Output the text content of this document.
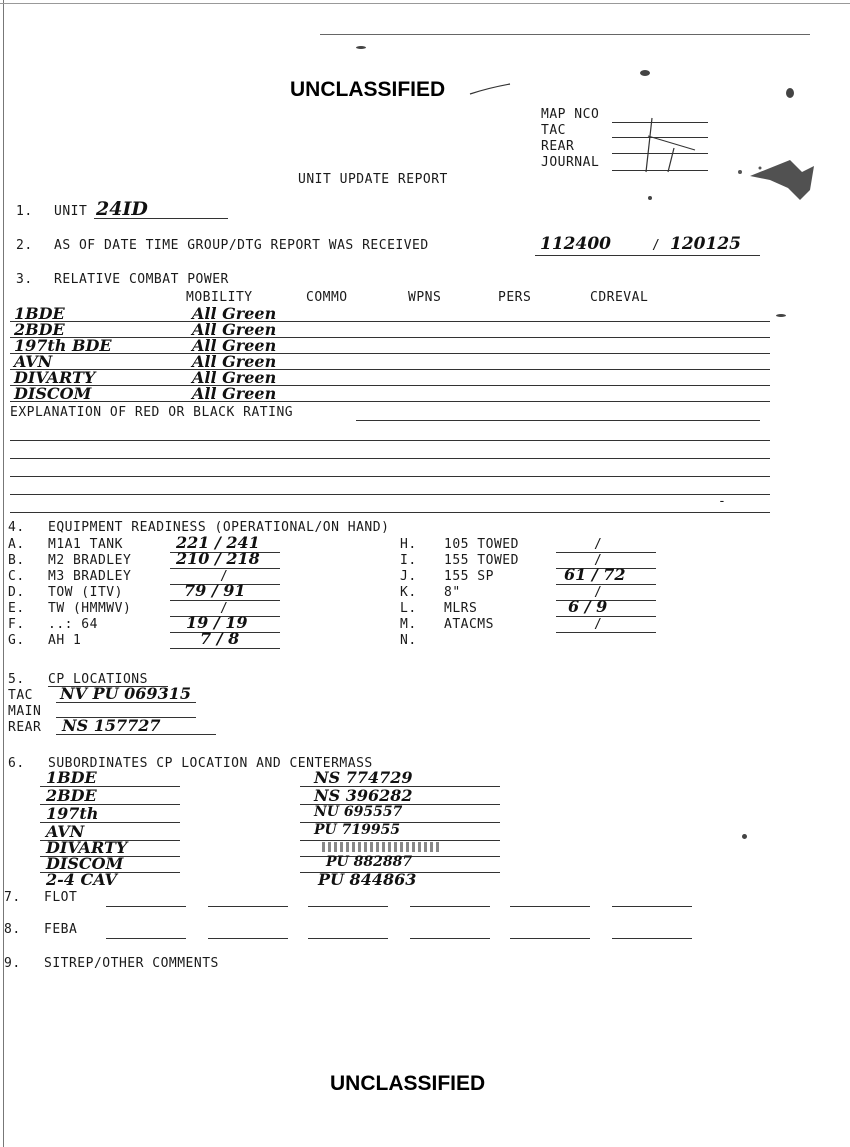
UNCLASSIFIED
MAP NCO
TAC
REAR
JOURNAL
UNIT UPDATE REPORT
1. UNIT 24ID
2. AS OF DATE TIME GROUP/DTG REPORT WAS RECEIVED	112400	/ 120125
3. RELATIVE COMBAT POWER
MOBILITY	COMMO	WPNS	PERS	CDREVAL
1BDE	All Green
2BDE	All Green
197th BDE	All Green
AVN	All Green
DIVARTY	All Green
DISCOM	All Green
EXPLANATION OF RED OR BLACK RATING
-
4. EQUIPMENT READINESS (OPERATIONAL/ON HAND)
A. M1A1 TANK	221 / 241
B. M2 BRADLEY	210 / 218
C. M3 BRADLEY	/
D. TOW (ITV)	79 / 91
E. TW (HMMWV)	/
F. ..: 64	19 / 19
G. AH 1	7 / 8
H. 105 TOWED	/
I. 155 TOWED	/
J. 155 SP	61 / 72
K. 8"	/
L. MLRS	6 / 9
M. ATACMS	/
N.
5. CP LOCATIONS
TAC NV PU 069315
MAIN
REAR NS 157727
6. SUBORDINATES CP LOCATION AND CENTERMASS
1BDE	NS 774729
2BDE	NS 396282
197th	NU 695557
AVN	PU 719955
DIVARTY
DISCOM	PU 882887
2-4 CAV	PU 844863
7. FLOT
8. FEBA
9. SITREP/OTHER COMMENTS
UNCLASSIFIED
